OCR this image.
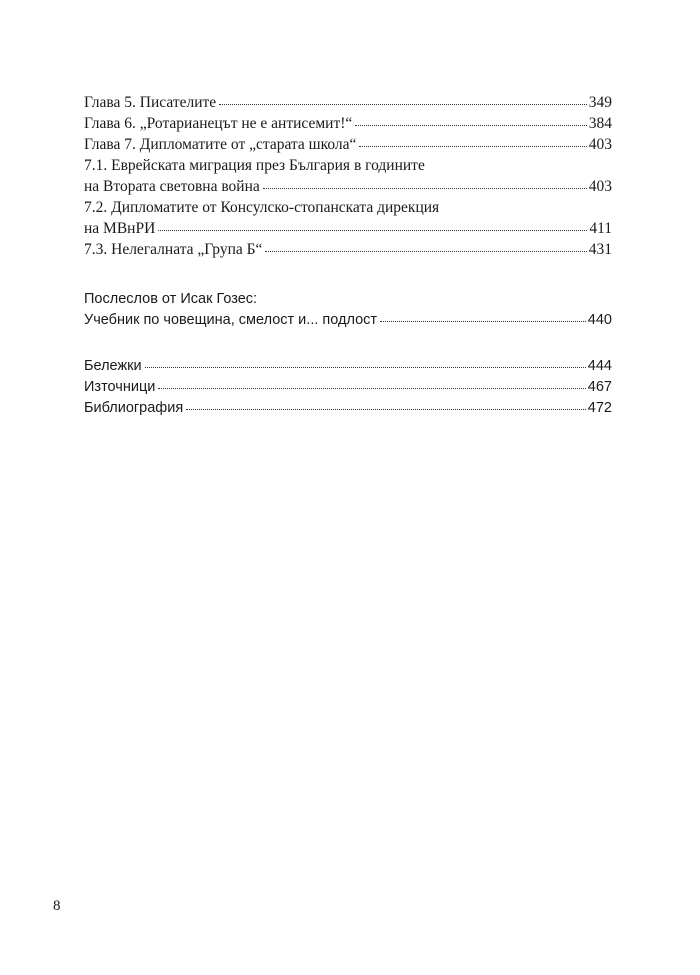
Глава 5. Писателите	349
Глава 6. „Ротарианецът не е антисемит!“	384
Глава 7. Дипломатите от „старата школа“	403
7.1. Еврейската миграция през България в годините
на Втората световна война	403
7.2. Дипломатите от Консулско-стопанската дирекция
на МВнРИ	411
7.3. Нелегалната „Група Б“	431
Послеслов от Исак Гозес:
Учебник по човещина, смелост и... подлост	440
Бележки	444
Източници	467
Библиография	472
8
